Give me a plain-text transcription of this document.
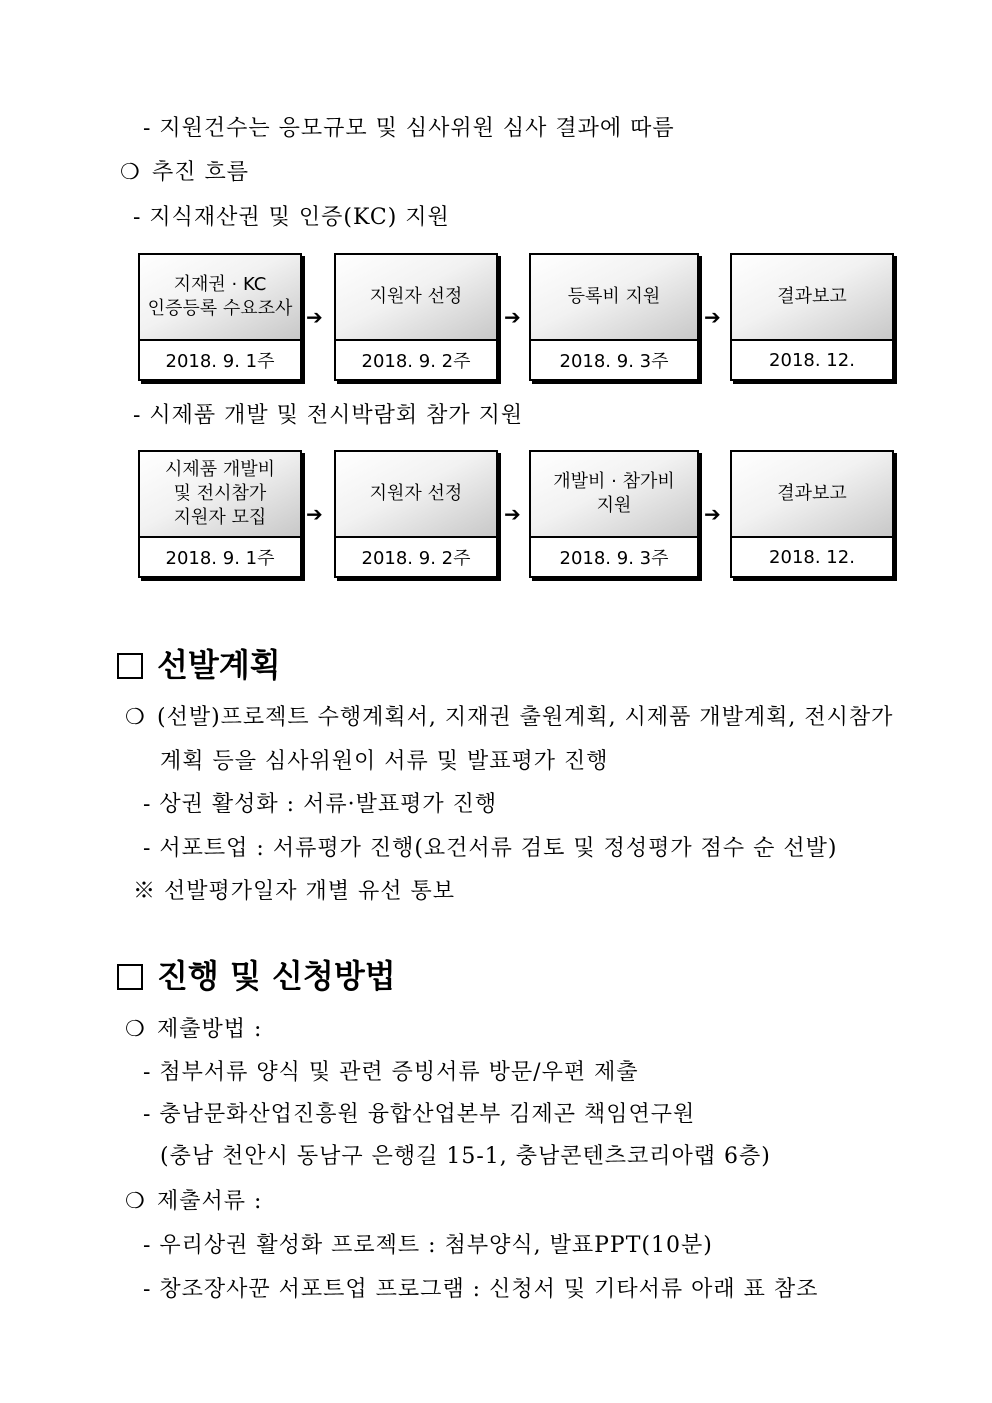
- 지원건수는 응모규모 및 심사위원 심사 결과에 따름
❍ 추진 흐름
- 지식재산권 및 인증(KC) 지원
지재권 · KC
인증등록 수요조사
2018. 9. 1주
➔
지원자 선정
2018. 9. 2주
➔
등록비 지원
2018. 9. 3주
➔
결과보고
2018. 12.
- 시제품 개발 및 전시박람회 참가 지원
시제품 개발비
및 전시참가
지원자 모집
2018. 9. 1주
➔
지원자 선정
2018. 9. 2주
➔
개발비 · 참가비
지원
2018. 9. 3주
➔
결과보고
2018. 12.
선발계획
❍ (선발)프로젝트 수행계획서, 지재권 출원계획, 시제품 개발계획, 전시참가
계획 등을 심사위원이 서류 및 발표평가 진행
- 상권 활성화 : 서류·발표평가 진행
- 서포트업 : 서류평가 진행(요건서류 검토 및 정성평가 점수 순 선발)
※ 선발평가일자 개별 유선 통보
진행 및 신청방법
❍ 제출방법 :
- 첨부서류 양식 및 관련 증빙서류 방문/우편 제출
- 충남문화산업진흥원 융합산업본부 김제곤 책임연구원
(충남 천안시 동남구 은행길 15-1, 충남콘텐츠코리아랩 6층)
❍ 제출서류 :
- 우리상권 활성화 프로젝트 : 첨부양식, 발표PPT(10분)
- 창조장사꾼 서포트업 프로그램 : 신청서 및 기타서류 아래 표 참조
